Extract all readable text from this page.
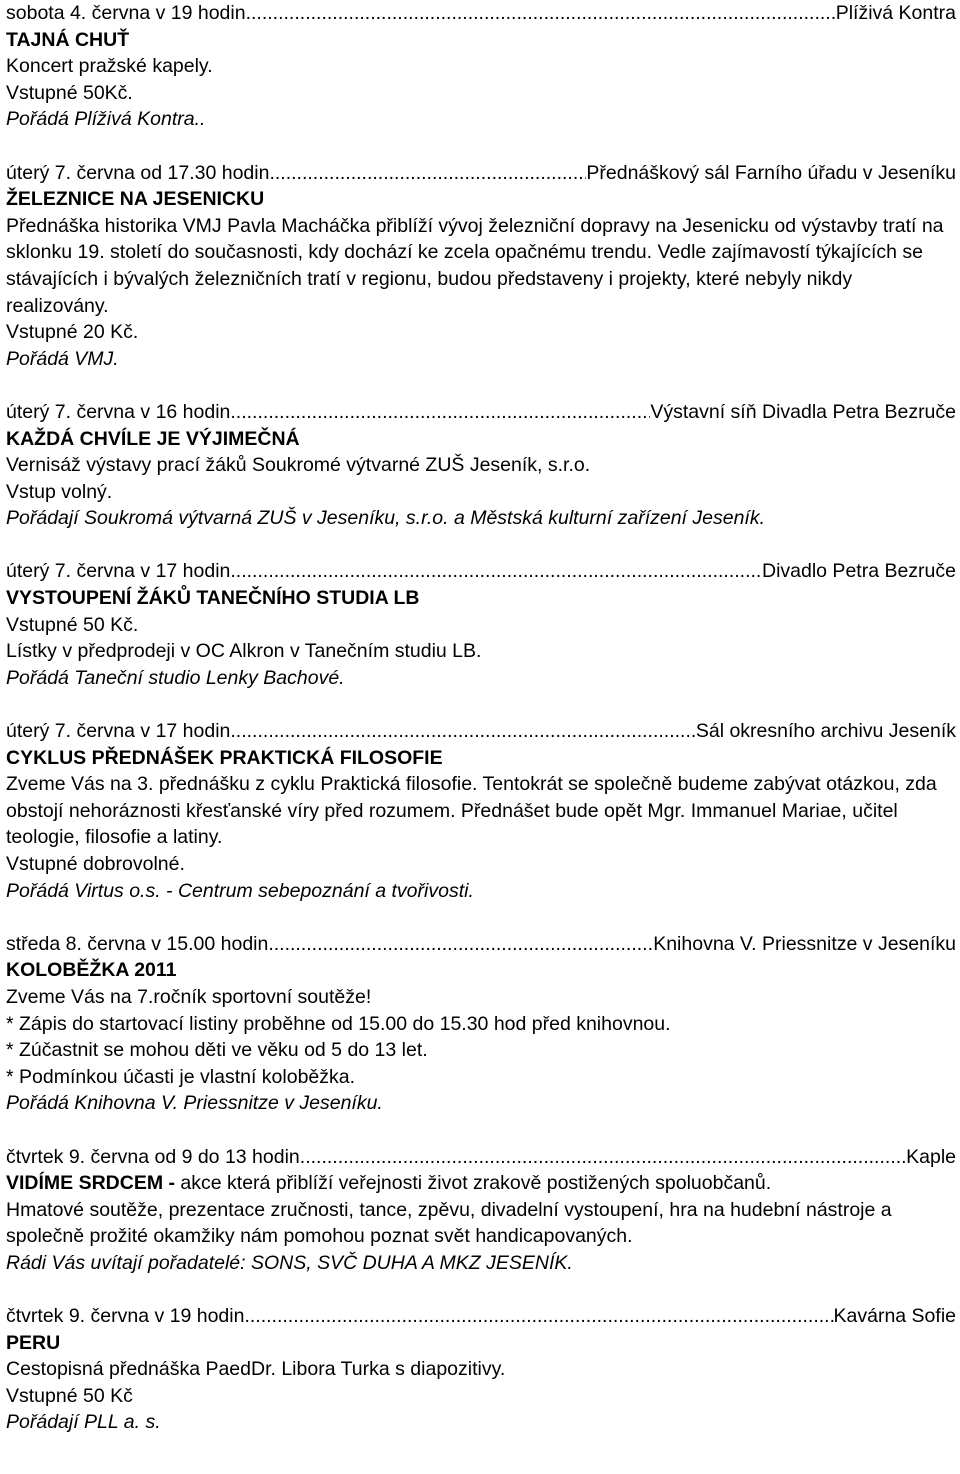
sobota 4. června v 19 hodin .....	Plíživá Kontra
TAJNÁ CHUŤ
Koncert pražské kapely.
Vstupné 50Kč.
Pořádá Plíživá Kontra..
úterý 7. června od 17.30 hodin .....	Přednáškový sál Farního úřadu v Jeseníku
ŽELEZNICE NA JESENICKU
Přednáška historika VMJ Pavla Macháčka přiblíží vývoj železniční dopravy na Jesenicku od výstavby tratí na sklonku 19. století do současnosti, kdy dochází ke zcela opačnému trendu. Vedle zajímavostí týkajících se stávajících i bývalých železničních tratí v regionu, budou představeny i projekty, které nebyly nikdy realizovány.
Vstupné 20 Kč.
Pořádá VMJ.
úterý 7. června v 16 hodin .....	Výstavní síň Divadla Petra Bezruče
KAŽDÁ CHVÍLE JE VÝJIMEČNÁ
Vernisáž výstavy prací žáků Soukromé výtvarné ZUŠ Jeseník, s.r.o.
Vstup volný.
Pořádají Soukromá výtvarná ZUŠ v Jeseníku, s.r.o. a Městská kulturní zařízení Jeseník.
úterý 7. června v 17 hodin .....	Divadlo Petra Bezruče
VYSTOUPENÍ ŽÁKŮ TANEČNÍHO STUDIA LB
Vstupné 50 Kč.
Lístky v předprodeji v OC Alkron v Tanečním studiu LB.
Pořádá Taneční studio Lenky Bachové.
úterý 7. června v 17 hodin .....	Sál okresního archivu Jeseník
CYKLUS PŘEDNÁŠEK PRAKTICKÁ FILOSOFIE
Zveme Vás na 3. přednášku z cyklu Praktická filosofie. Tentokrát se společně budeme zabývat otázkou, zda obstojí nehoráznosti křesťanské víry před rozumem. Přednášet bude opět Mgr. Immanuel Mariae, učitel teologie, filosofie a latiny.
Vstupné dobrovolné.
Pořádá Virtus o.s. - Centrum sebepoznání a tvořivosti.
středa 8. června v 15.00 hodin .....	Knihovna V. Priessnitze v Jeseníku
KOLOBĚŽKA 2011
Zveme Vás na 7.ročník sportovní soutěže!
* Zápis do startovací listiny proběhne od 15.00 do 15.30 hod před knihovnou.
* Zúčastnit se mohou děti ve věku od 5 do 13 let.
* Podmínkou účasti je vlastní koloběžka.
Pořádá Knihovna V. Priessnitze v Jeseníku.
čtvrtek 9. června od 9 do 13 hodin .....	Kaple
VIDÍME SRDCEM - akce která přiblíží veřejnosti život zrakově postižených spoluobčanů.
Hmatové soutěže, prezentace zručnosti, tance, zpěvu, divadelní vystoupení, hra na hudební nástroje a společně prožité okamžiky nám pomohou poznat svět handicapovaných.
Rádi Vás uvítají pořadatelé: SONS, SVČ DUHA A MKZ JESENÍK.
čtvrtek 9. června v 19 hodin .....	Kavárna Sofie
PERU
Cestopisná přednáška PaedDr. Libora Turka s diapozitivy.
Vstupné 50 Kč
Pořádají PLL a. s.
